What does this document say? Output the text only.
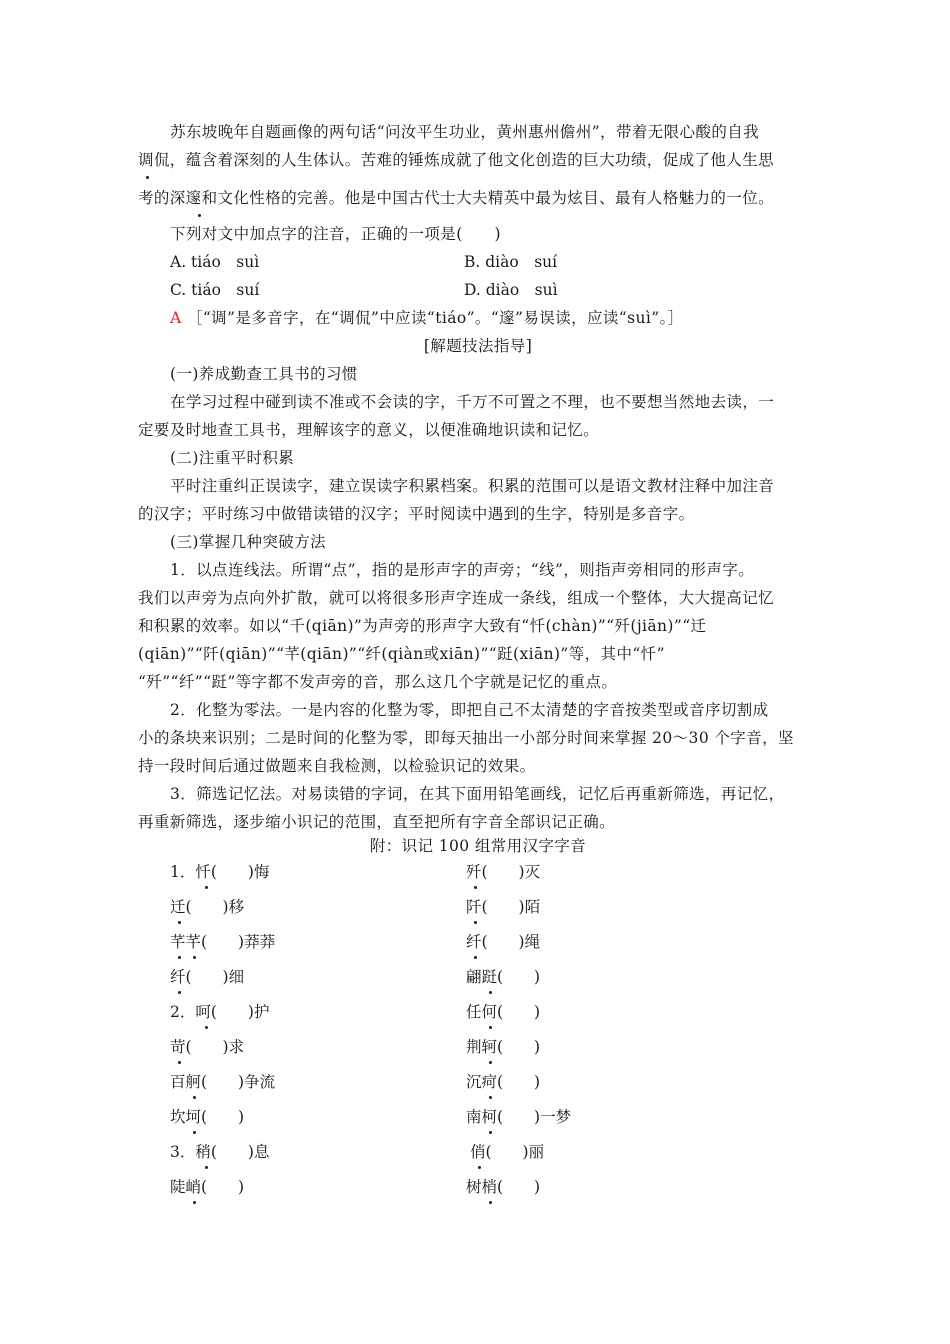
苏东坡晚年自题画像的两句话“问汝平生功业，黄州惠州儋州”，带着无限心酸的自我

调侃，蕴含着深刻的人生体认。苦难的锤炼成就了他文化创造的巨大功绩，促成了他人生思

考的深邃和文化性格的完善。他是中国古代士大夫精英中最为炫目、最有人格魅力的一位。

下列对文中加点字的注音，正确的一项是(　　)

A. tiáo　suì	B. diào　suí
C. tiáo　suí	D. diào　suì
A ［“调”是多音字，在“调侃”中应读“tiáo”。“邃”易误读，应读“suì”。］

[解题技法指导]

(一)养成勤查工具书的习惯

在学习过程中碰到读不准或不会读的字，千万不可置之不理，也不要想当然地去读，一

定要及时地查工具书，理解该字的意义，以便准确地识读和记忆。

(二)注重平时积累

平时注重纠正误读字，建立误读字积累档案。积累的范围可以是语文教材注释中加注音

的汉字；平时练习中做错读错的汉字；平时阅读中遇到的生字，特别是多音字。

(三)掌握几种突破方法

1．以点连线法。所谓“点”，指的是形声字的声旁；“线”，则指声旁相同的形声字。

我们以声旁为点向外扩散，就可以将很多形声字连成一条线，组成一个整体，大大提高记忆

和积累的效率。如以“千(qiān)”为声旁的形声字大致有“忏(chàn)”“歼(jiān)”“迁

(qiān)”“阡(qiān)”“芊(qiān)”“纤(qiàn或xiān)”“跹(xiān)”等，其中“忏”

“歼”“纤”“跹”等字都不发声旁的音，那么这几个字就是记忆的重点。

2．化整为零法。一是内容的化整为零，即把自己不太清楚的字音按类型或音序切割成

小的条块来识别；二是时间的化整为零，即每天抽出一小部分时间来掌握 20～30 个字音，坚

持一段时间后通过做题来自我检测，以检验识记的效果。

3．筛选记忆法。对易读错的字词，在其下面用铅笔画线，记忆后再重新筛选，再记忆，

再重新筛选，逐步缩小识记的范围，直至把所有字音全部识记正确。

附：识记 100 组常用汉字字音

1．忏(　　)悔
迁(　　)移
芊芊(　　)莽莽
纤(　　)细
2．呵(　　)护
苛(　　)求
百舸(　　)争流
坎坷(　　)
3．稍(　　)息
陡峭(　　)
歼(　　)灭
阡(　　)陌
纤(　　)绳
翩跹(　　)
任何(　　)
荆轲(　　)
沉疴(　　)
南柯(　　)一梦
俏(　　)丽
树梢(　　)
